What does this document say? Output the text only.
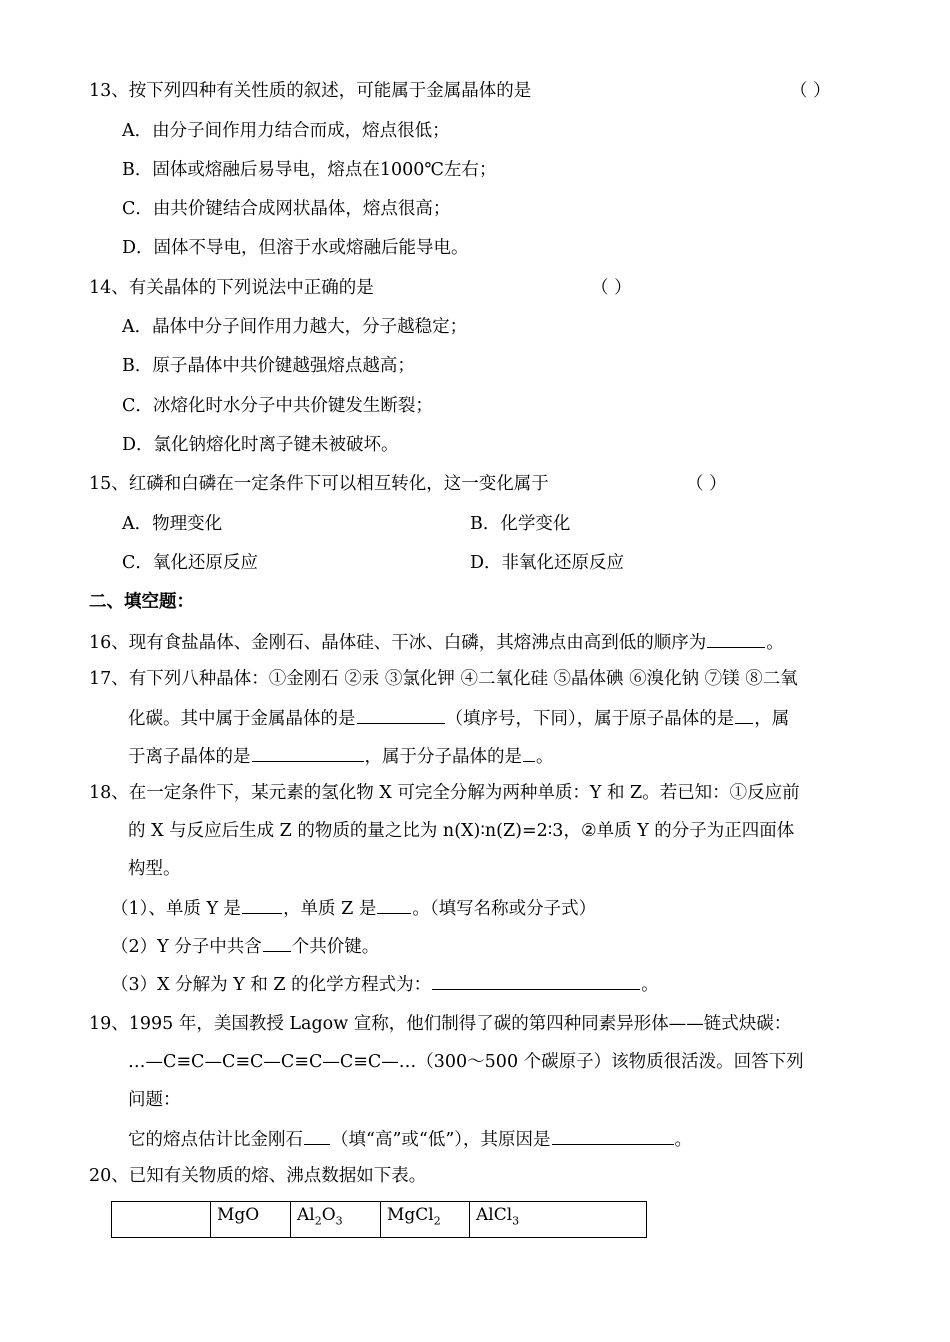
13、按下列四种有关性质的叙述，可能属于金属晶体的是	（ ）
A．由分子间作用力结合而成，熔点很低；
B．固体或熔融后易导电，熔点在1000℃左右；
C．由共价键结合成网状晶体，熔点很高；
D．固体不导电，但溶于水或熔融后能导电。
14、有关晶体的下列说法中正确的是	（ ）
A．晶体中分子间作用力越大，分子越稳定；
B．原子晶体中共价键越强熔点越高；
C．冰熔化时水分子中共价键发生断裂；
D．氯化钠熔化时离子键未被破坏。
15、红磷和白磷在一定条件下可以相互转化，这一变化属于	（ ）
A．物理变化	B．化学变化
C．氧化还原反应	D．非氧化还原反应
二、填空题：
16、现有食盐晶体、金刚石、晶体硅、干冰、白磷，其熔沸点由高到低的顺序为	。
17、有下列八种晶体：①金刚石 ②汞 ③氯化钾 ④二氧化硅 ⑤晶体碘 ⑥溴化钠 ⑦镁 ⑧二氧
化碳。其中属于金属晶体的是	（填序号，下同），属于原子晶体的是 ，属
于离子晶体的是	，属于分子晶体的是 。
18、在一定条件下，某元素的氢化物 X 可完全分解为两种单质：Y 和 Z。若已知：①反应前
的 X 与反应后生成 Z 的物质的量之比为 n(X)∶n(Z)=2∶3，②单质 Y 的分子为正四面体
构型。
（1）、单质 Y 是 ，单质 Z 是 。（填写名称或分子式）
（2）Y 分子中共含 个共价键。
（3）X 分解为 Y 和 Z 的化学方程式为：	。
19、1995 年，美国教授 Lagow 宣称，他们制得了碳的第四种同素异形体——链式炔碳：
…—C≡C—C≡C—C≡C—C≡C—…（300～500 个碳原子）该物质很活泼。回答下列
问题：
它的熔点估计比金刚石 （填“高”或“低”），其原因是	。
20、已知有关物质的熔、沸点数据如下表。
	MgO	$Al_2O_3$	MgCl$_2$	AlCl$_3$
